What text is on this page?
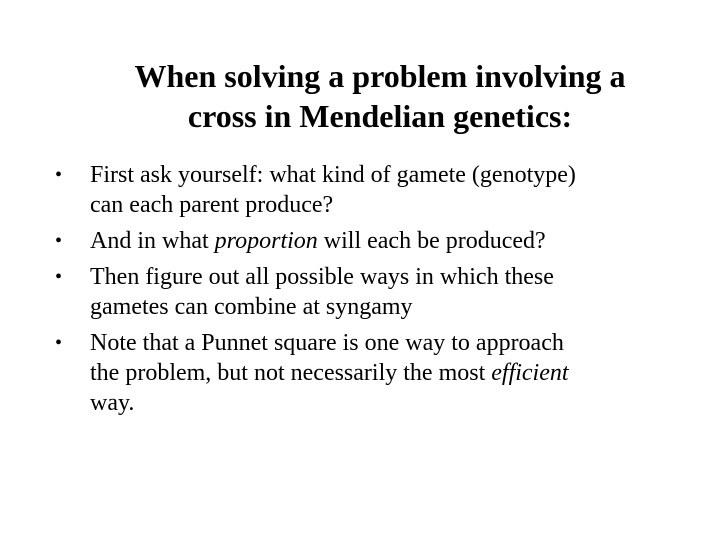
When solving a problem involving a
cross in Mendelian genetics:
•	First ask yourself: what kind of gamete (genotype)
can each parent produce?
•	And in what proportion will each be produced?
•	Then figure out all possible ways in which these
gametes can combine at syngamy
•	Note that a Punnet square is one way to approach
the problem, but not necessarily the most efficient
way.
